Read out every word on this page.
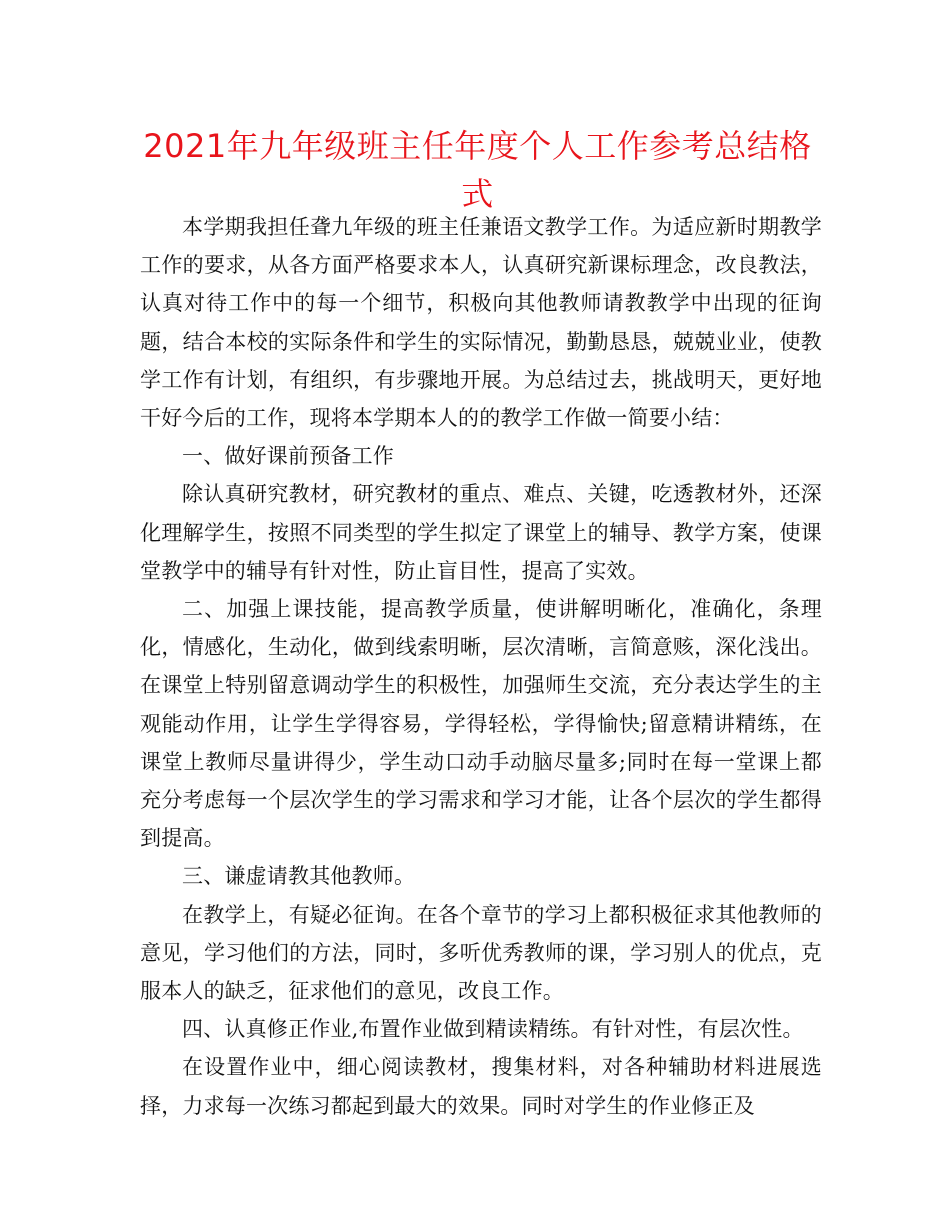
2021年九年级班主任年度个人工作参考总结格式

本学期我担任聋九年级的班主任兼语文教学工作。为适应新时期教学工作的要求，从各方面严格要求本人，认真研究新课标理念，改良教法，认真对待工作中的每一个细节，积极向其他教师请教教学中出现的征询题，结合本校的实际条件和学生的实际情况，勤勤恳恳，兢兢业业，使教学工作有计划，有组织，有步骤地开展。为总结过去，挑战明天，更好地干好今后的工作，现将本学期本人的的教学工作做一简要小结：

一、做好课前预备工作

除认真研究教材，研究教材的重点、难点、关键，吃透教材外，还深化理解学生，按照不同类型的学生拟定了课堂上的辅导、教学方案，使课堂教学中的辅导有针对性，防止盲目性，提高了实效。

二、加强上课技能，提高教学质量，使讲解明晰化，准确化，条理化，情感化，生动化，做到线索明晰，层次清晰，言简意赅，深化浅出。在课堂上特别留意调动学生的积极性，加强师生交流，充分表达学生的主观能动作用，让学生学得容易，学得轻松，学得愉快;留意精讲精练，在课堂上教师尽量讲得少，学生动口动手动脑尽量多;同时在每一堂课上都充分考虑每一个层次学生的学习需求和学习才能，让各个层次的学生都得到提高。

三、谦虚请教其他教师。

在教学上，有疑必征询。在各个章节的学习上都积极征求其他教师的意见，学习他们的方法，同时，多听优秀教师的课，学习别人的优点，克服本人的缺乏，征求他们的意见，改良工作。

四、认真修正作业,布置作业做到精读精练。有针对性，有层次性。

在设置作业中，细心阅读教材，搜集材料，对各种辅助材料进展选择，力求每一次练习都起到最大的效果。同时对学生的作业修正及
